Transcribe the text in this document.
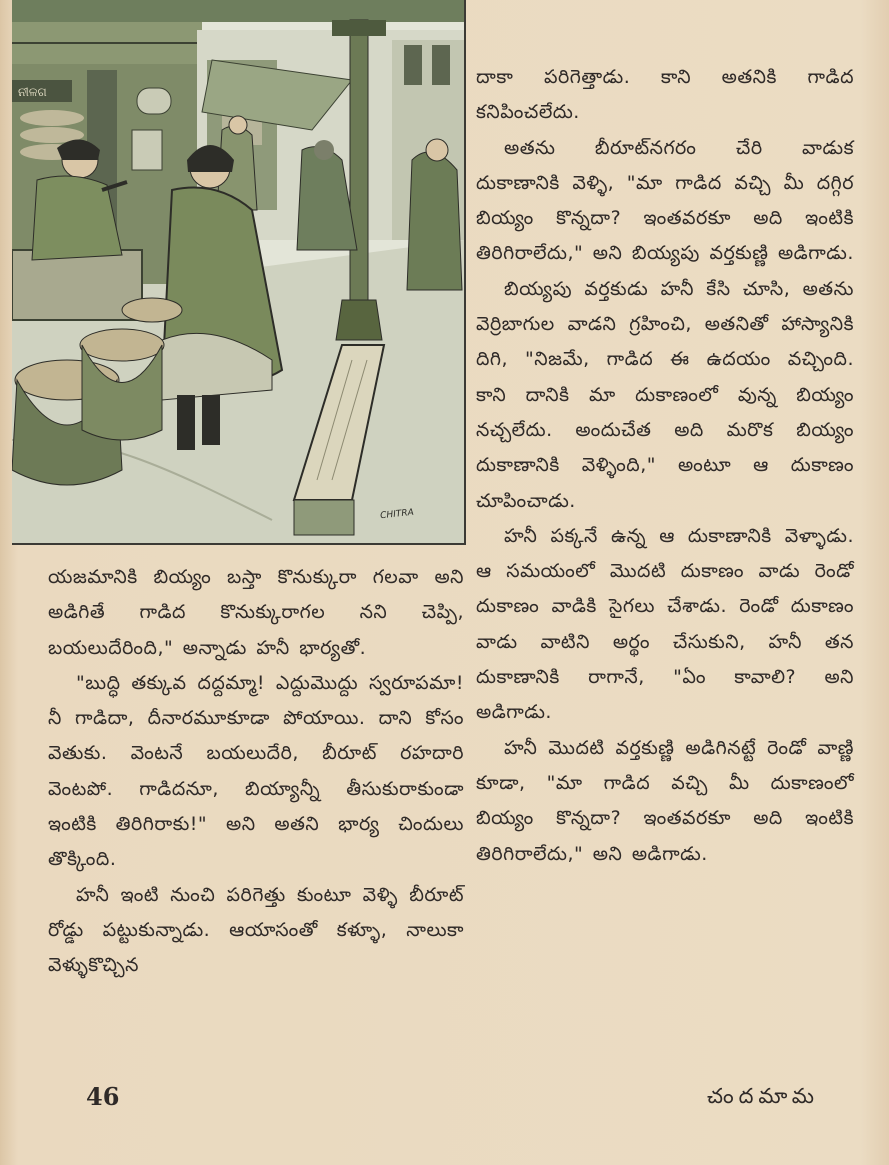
ନୀଳଗ
CHITRA

దాకా పరిగెత్తాడు. కాని అతనికి గాడిద కనిపించలేదు.

అతను బీరూట్‌నగరం చేరి వాడుక దుకాణానికి వెళ్ళి, "మా గాడిద వచ్చి మీ దగ్గిర బియ్యం కొన్నదా? ఇంతవరకూ అది ఇంటికి తిరిగిరాలేదు," అని బియ్యపు వర్తకుణ్ణి అడిగాడు.

బియ్యపు వర్తకుడు హనీ కేసి చూసి, అతను వెర్రిబాగుల వాడని గ్రహించి, అతనితో హాస్యానికి దిగి, "నిజమే, గాడిద ఈ ఉదయం వచ్చింది. కాని దానికి మా దుకాణంలో వున్న బియ్యం నచ్చలేదు. అందుచేత అది మరొక బియ్యం దుకాణానికి వెళ్ళింది," అంటూ ఆ దుకాణం చూపించాడు.

హనీ పక్కనే ఉన్న ఆ దుకాణానికి వెళ్ళాడు. ఆ సమయంలో మొదటి దుకాణం వాడు రెండో దుకాణం వాడికి సైగలు చేశాడు. రెండో దుకాణం వాడు వాటిని అర్థం చేసుకుని, హనీ తన దుకాణానికి రాగానే, "ఏం కావాలి? అని అడిగాడు.

హనీ మొదటి వర్తకుణ్ణి అడిగినట్టే రెండో వాణ్ణి కూడా, "మా గాడిద వచ్చి మీ దుకాణంలో బియ్యం కొన్నదా? ఇంతవరకూ అది ఇంటికి తిరిగిరాలేదు," అని అడిగాడు.

యజమానికి బియ్యం బస్తా కొనుక్కురా గలవా అని అడిగితే గాడిద కొనుక్కురాగల నని చెప్పి, బయలుదేరింది," అన్నాడు హనీ భార్యతో.

"బుద్ధి తక్కువ దద్దమ్మా! ఎద్దుమొద్దు స్వరూపమా! నీ గాడిదా, దీనారమూకూడా పోయాయి. దాని కోసం వెతుకు. వెంటనే బయలుదేరి, బీరూట్ రహదారి వెంటపో. గాడిదనూ, బియ్యాన్నీ తీసుకురాకుండా ఇంటికి తిరిగిరాకు!" అని అతని భార్య చిందులు తొక్కింది.

హనీ ఇంటి నుంచి పరిగెత్తు కుంటూ వెళ్ళి బీరూట్ రోడ్డు పట్టుకున్నాడు. ఆయాసంతో కళ్ళూ, నాలుకా వెళ్ళుకొచ్చిన

46	చందమామ
